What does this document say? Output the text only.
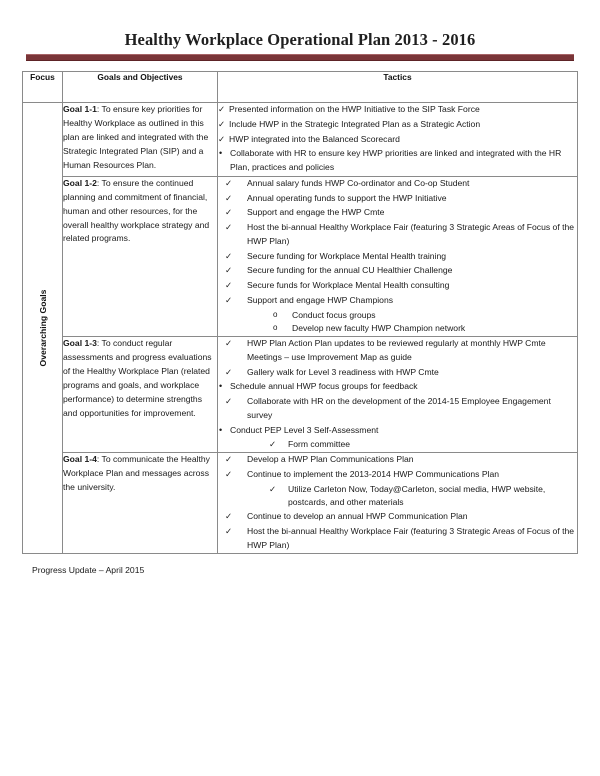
Healthy Workplace Operational Plan 2013 - 2016
Focus	Goals and Objectives	Tactics

Overarching Goals
	Goal 1-1: To ensure key priorities for Healthy Workplace as outlined in this plan are linked and integrated with the Strategic Integrated Plan (SIP) and a Human Resources Plan.	
✓ Presented information on the HWP Initiative to the SIP Task Force
✓ Include HWP in the Strategic Integrated Plan as a Strategic Action
✓ HWP integrated into the Balanced Scorecard
• Collaborate with HR to ensure key HWP priorities are linked and integrated with the HR Plan, practices and policies

Goal 1-2: To ensure the continued planning and commitment of financial, human and other resources, for the overall healthy workplace strategy and related programs.	
✓ Annual salary funds HWP Co-ordinator and Co-op Student
✓ Annual operating funds to support the HWP Initiative
✓ Support and engage the HWP Cmte
✓ Host the bi-annual Healthy Workplace Fair (featuring 3 Strategic Areas of Focus of the HWP Plan)
✓ Secure funding for Workplace Mental Health training
✓ Secure funding for the annual CU Healthier Challenge
✓ Secure funds for Workplace Mental Health consulting
✓ Support and engage HWP Champions
o Conduct focus groups
o Develop new faculty HWP Champion network

Goal 1-3: To conduct regular assessments and progress evaluations of the Healthy Workplace Plan (related programs and goals, and workplace performance) to determine strengths and opportunities for improvement.	
✓ HWP Plan Action Plan updates to be reviewed regularly at monthly HWP Cmte Meetings – use Improvement Map as guide
✓ Gallery walk for Level 3 readiness with HWP Cmte
• Schedule annual HWP focus groups for feedback
✓ Collaborate with HR on the development of the 2014-15 Employee Engagement survey
• Conduct PEP Level 3 Self-Assessment
✓ Form committee

Goal 1-4: To communicate the Healthy Workplace Plan and messages across the university.	
✓ Develop a HWP Plan Communications Plan
✓ Continue to implement the 2013-2014 HWP Communications Plan
✓ Utilize Carleton Now, Today@Carleton, social media, HWP website, postcards, and other materials
✓ Continue to develop an annual HWP Communication Plan
✓ Host the bi-annual Healthy Workplace Fair (featuring 3 Strategic Areas of Focus of the HWP Plan)
Progress Update – April 2015
